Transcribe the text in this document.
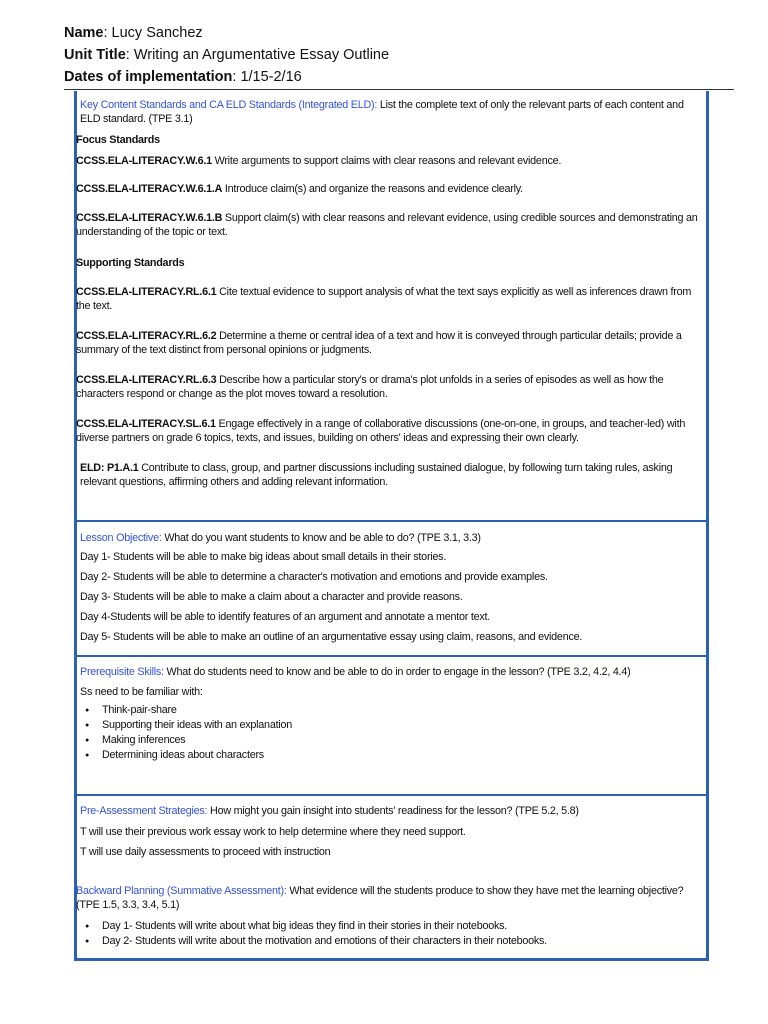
Name: Lucy Sanchez
Unit Title: Writing an Argumentative Essay Outline
Dates of implementation: 1/15-2/16
Key Content Standards and CA ELD Standards (Integrated ELD): List the complete text of only the relevant parts of each content and ELD standard. (TPE 3.1)
Focus Standards
CCSS.ELA-LITERACY.W.6.1 Write arguments to support claims with clear reasons and relevant evidence.
CCSS.ELA-LITERACY.W.6.1.A Introduce claim(s) and organize the reasons and evidence clearly.
CCSS.ELA-LITERACY.W.6.1.B Support claim(s) with clear reasons and relevant evidence, using credible sources and demonstrating an understanding of the topic or text.
Supporting Standards
CCSS.ELA-LITERACY.RL.6.1 Cite textual evidence to support analysis of what the text says explicitly as well as inferences drawn from the text.
CCSS.ELA-LITERACY.RL.6.2 Determine a theme or central idea of a text and how it is conveyed through particular details; provide a summary of the text distinct from personal opinions or judgments.
CCSS.ELA-LITERACY.RL.6.3 Describe how a particular story's or drama's plot unfolds in a series of episodes as well as how the characters respond or change as the plot moves toward a resolution.
CCSS.ELA-LITERACY.SL.6.1 Engage effectively in a range of collaborative discussions (one-on-one, in groups, and teacher-led) with diverse partners on grade 6 topics, texts, and issues, building on others' ideas and expressing their own clearly.
ELD: P1.A.1 Contribute to class, group, and partner discussions including sustained dialogue, by following turn taking rules, asking relevant questions, affirming others and adding relevant information.
Lesson Objective: What do you want students to know and be able to do? (TPE 3.1, 3.3)
Day 1- Students will be able to make big ideas about small details in their stories.
Day 2- Students will be able to determine a character's motivation and emotions and provide examples.
Day 3- Students will be able to make a claim about a character and provide reasons.
Day 4-Students will be able to identify features of an argument and annotate a mentor text.
Day 5- Students will be able to make an outline of an argumentative essay using claim, reasons, and evidence.
Prerequisite Skills: What do students need to know and be able to do in order to engage in the lesson? (TPE 3.2, 4.2, 4.4)
Ss need to be familiar with:
● Think-pair-share
● Supporting their ideas with an explanation
● Making inferences
● Determining ideas about characters
Pre-Assessment Strategies: How might you gain insight into students' readiness for the lesson? (TPE 5.2, 5.8)
T will use their previous work essay work to help determine where they need support.
T will use daily assessments to proceed with instruction
Backward Planning (Summative Assessment): What evidence will the students produce to show they have met the learning objective? (TPE 1.5, 3.3, 3.4, 5.1)
● Day 1- Students will write about what big ideas they find in their stories in their notebooks.
● Day 2- Students will write about the motivation and emotions of their characters in their notebooks.
